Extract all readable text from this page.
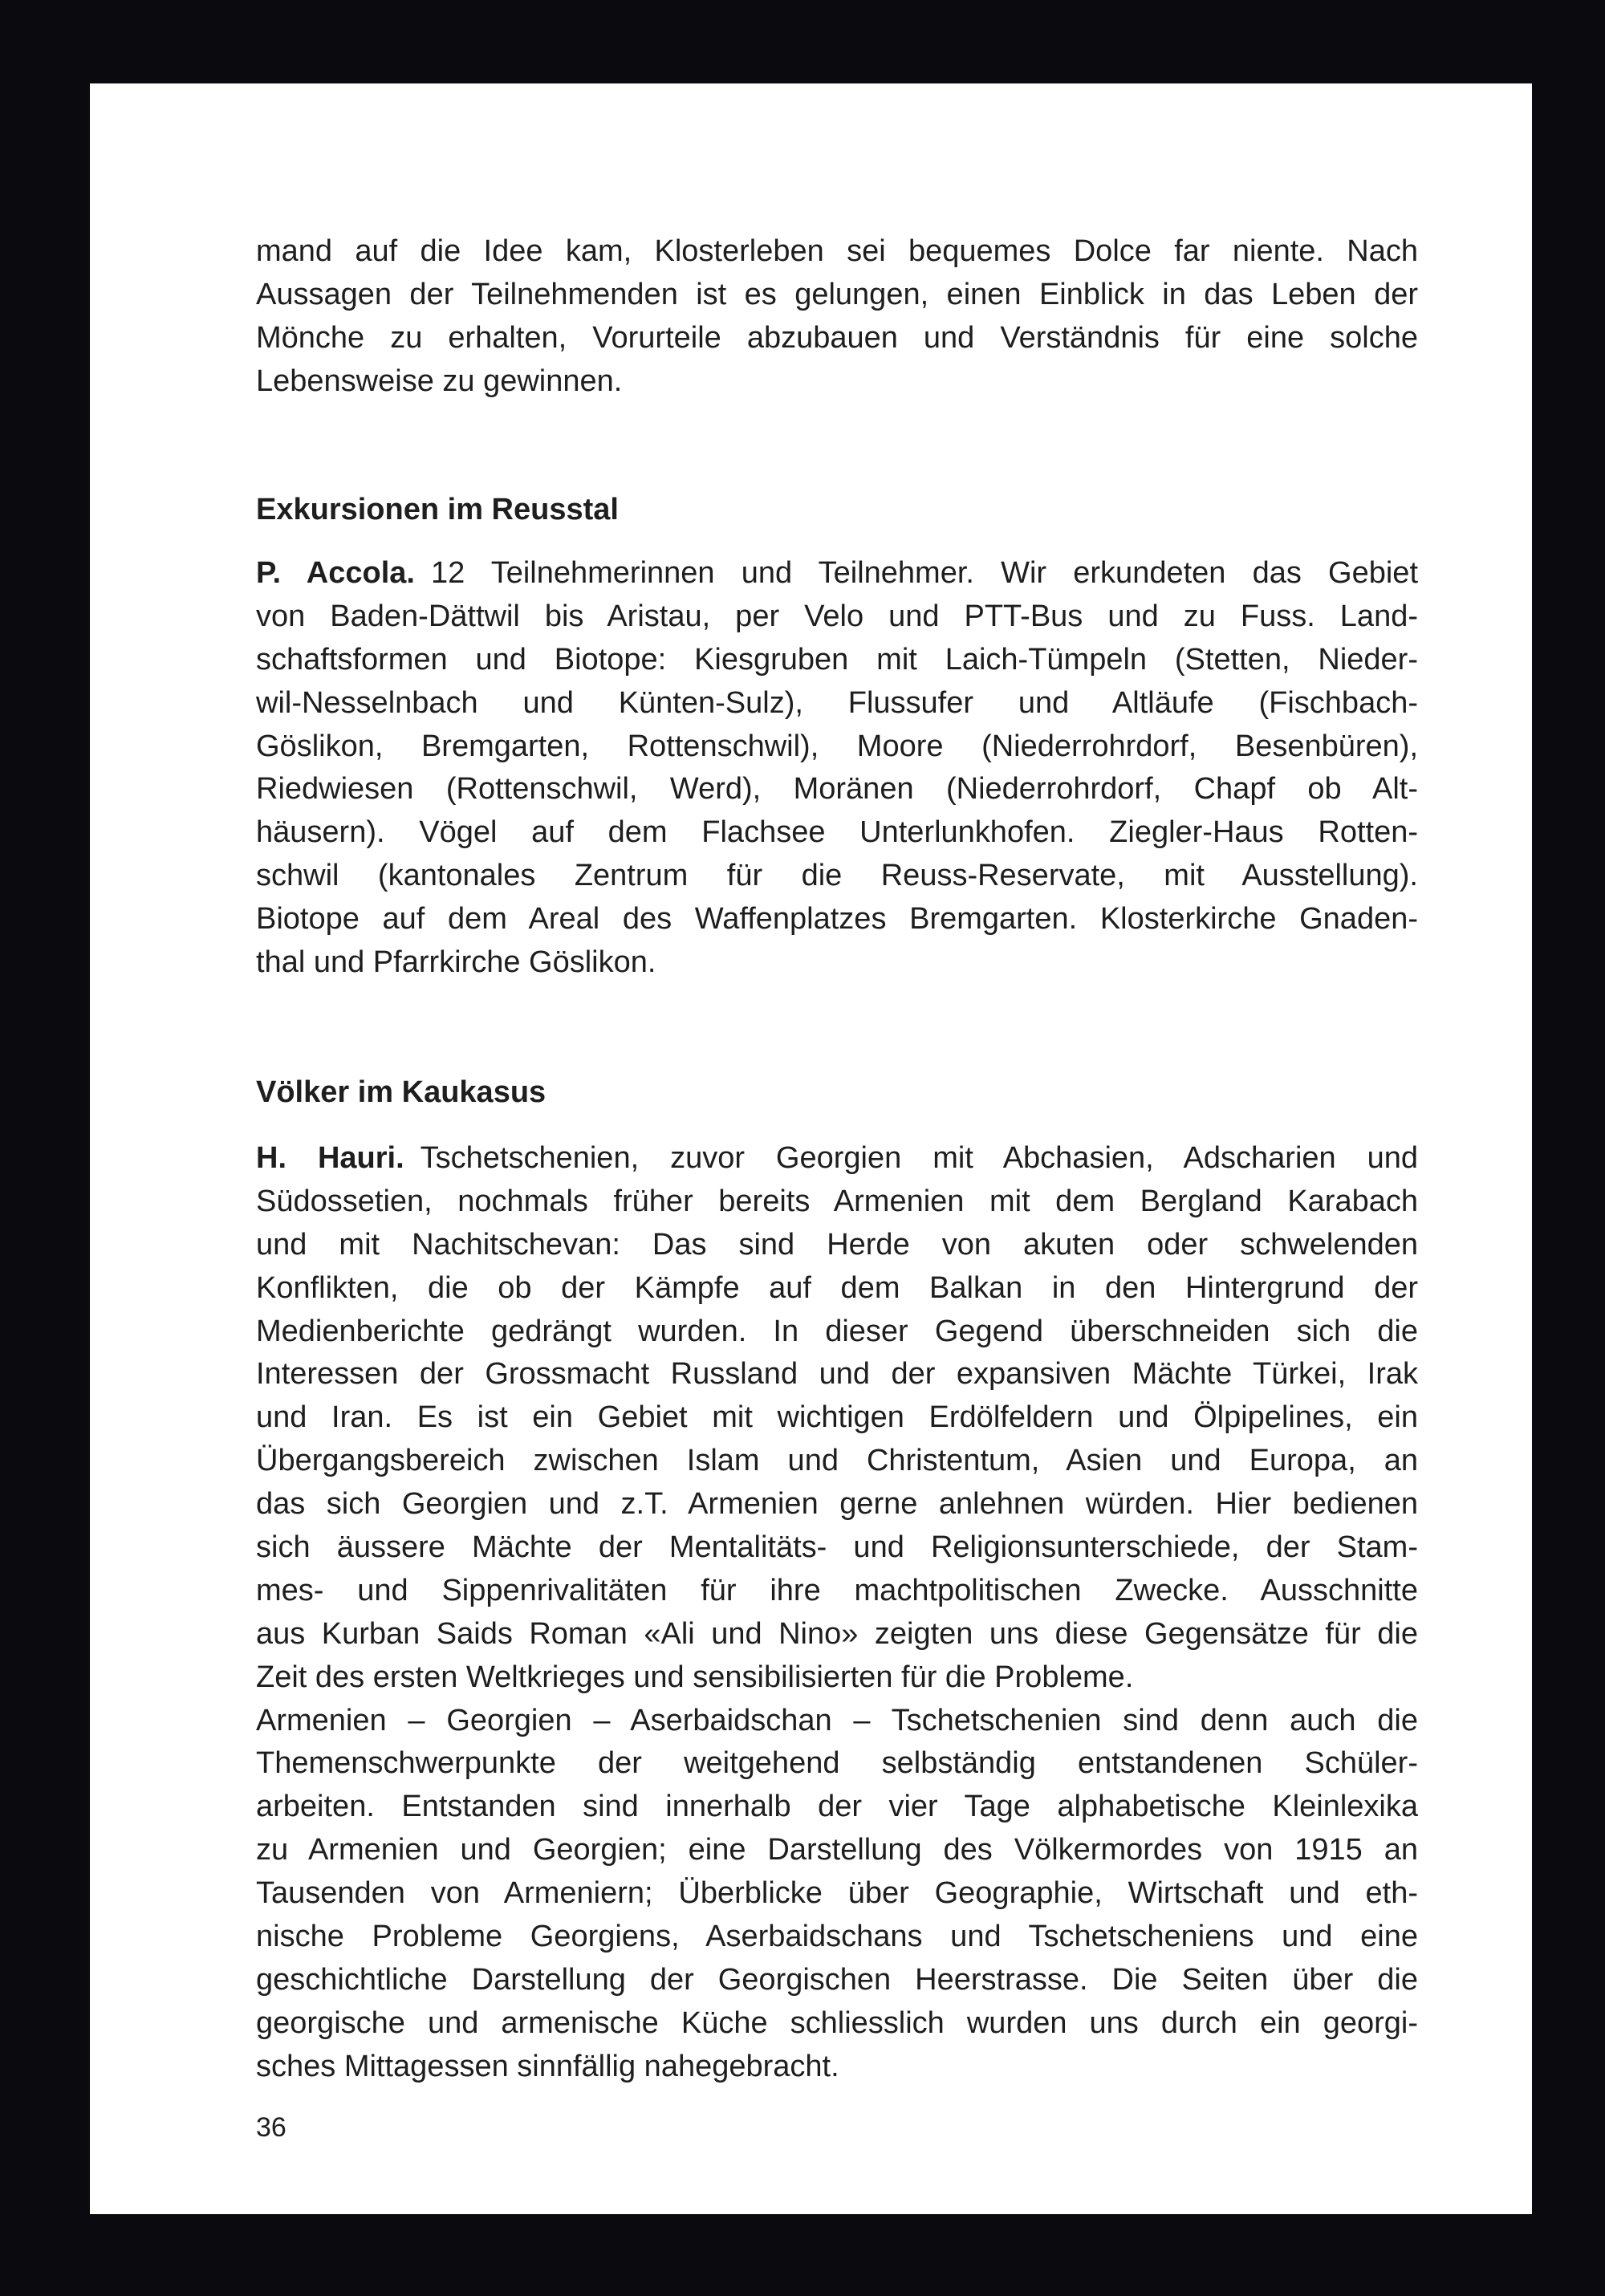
mand auf die Idee kam, Klosterleben sei bequemes Dolce far niente. Nach
Aussagen der Teilnehmenden ist es gelungen, einen Einblick in das Leben der
Mönche zu erhalten, Vorurteile abzubauen und Verständnis für eine solche
Lebensweise zu gewinnen.
Exkursionen im Reusstal
P. Accola. 12 Teilnehmerinnen und Teilnehmer. Wir erkundeten das Gebiet
von Baden-Dättwil bis Aristau, per Velo und PTT-Bus und zu Fuss. Land-
schaftsformen und Biotope: Kiesgruben mit Laich-Tümpeln (Stetten, Nieder-
wil-Nesselnbach und Künten-Sulz), Flussufer und Altläufe (Fischbach-
Göslikon, Bremgarten, Rottenschwil), Moore (Niederrohrdorf, Besenbüren),
Riedwiesen (Rottenschwil, Werd), Moränen (Niederrohrdorf, Chapf ob Alt-
häusern). Vögel auf dem Flachsee Unterlunkhofen. Ziegler-Haus Rotten-
schwil (kantonales Zentrum für die Reuss-Reservate, mit Ausstellung).
Biotope auf dem Areal des Waffenplatzes Bremgarten. Klosterkirche Gnaden-
thal und Pfarrkirche Göslikon.
Völker im Kaukasus
H. Hauri. Tschetschenien, zuvor Georgien mit Abchasien, Adscharien und
Südossetien, nochmals früher bereits Armenien mit dem Bergland Karabach
und mit Nachitschevan: Das sind Herde von akuten oder schwelenden
Konflikten, die ob der Kämpfe auf dem Balkan in den Hintergrund der
Medienberichte gedrängt wurden. In dieser Gegend überschneiden sich die
Interessen der Grossmacht Russland und der expansiven Mächte Türkei, Irak
und Iran. Es ist ein Gebiet mit wichtigen Erdölfeldern und Ölpipelines, ein
Übergangsbereich zwischen Islam und Christentum, Asien und Europa, an
das sich Georgien und z.T. Armenien gerne anlehnen würden. Hier bedienen
sich äussere Mächte der Mentalitäts- und Religionsunterschiede, der Stam-
mes- und Sippenrivalitäten für ihre machtpolitischen Zwecke. Ausschnitte
aus Kurban Saids Roman «Ali und Nino» zeigten uns diese Gegensätze für die
Zeit des ersten Weltkrieges und sensibilisierten für die Probleme.
Armenien – Georgien – Aserbaidschan – Tschetschenien sind denn auch die
Themenschwerpunkte der weitgehend selbständig entstandenen Schüler-
arbeiten. Entstanden sind innerhalb der vier Tage alphabetische Kleinlexika
zu Armenien und Georgien; eine Darstellung des Völkermordes von 1915 an
Tausenden von Armeniern; Überblicke über Geographie, Wirtschaft und eth-
nische Probleme Georgiens, Aserbaidschans und Tschetscheniens und eine
geschichtliche Darstellung der Georgischen Heerstrasse. Die Seiten über die
georgische und armenische Küche schliesslich wurden uns durch ein georgi-
sches Mittagessen sinnfällig nahegebracht.
36
